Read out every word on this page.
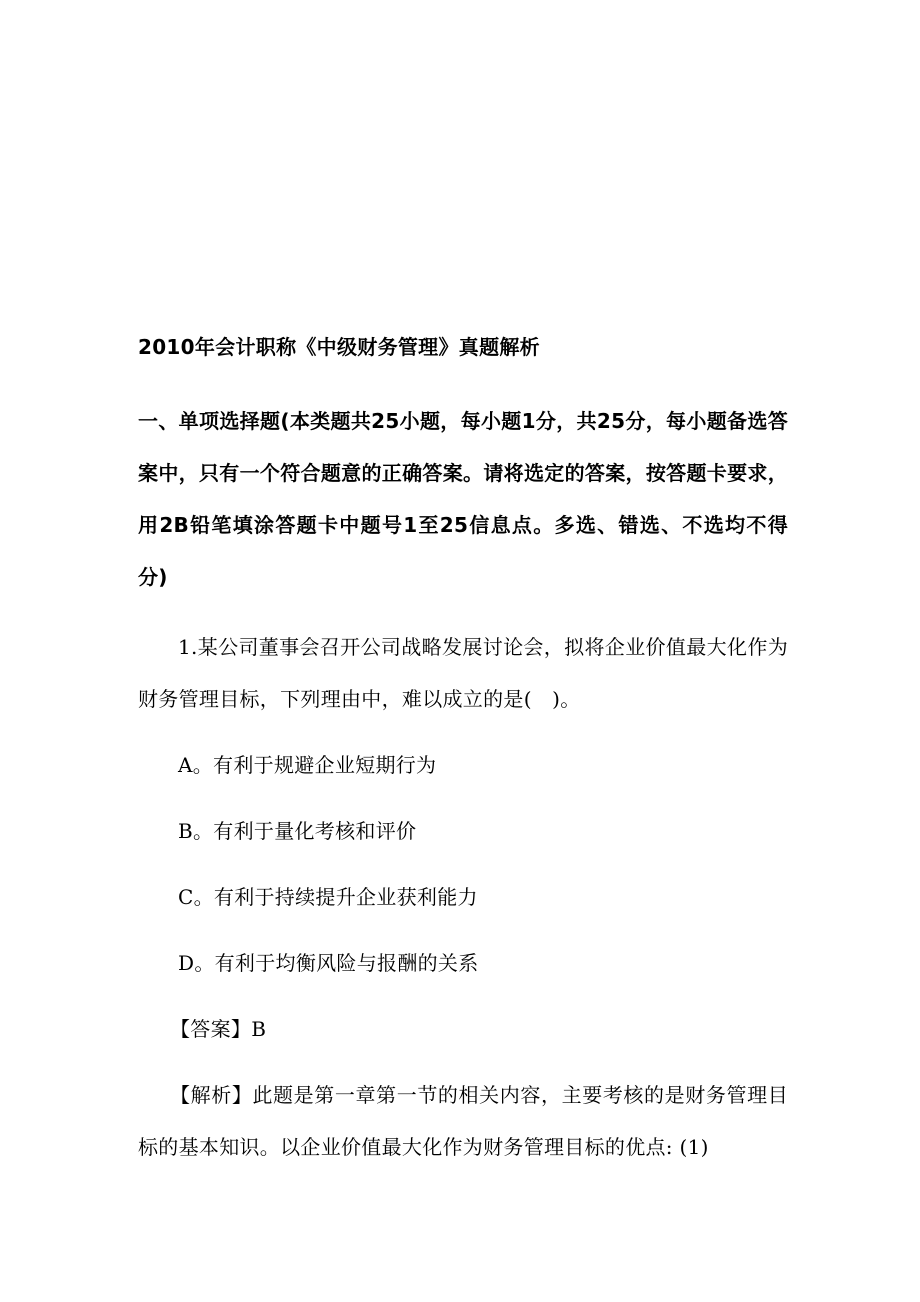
2010年会计职称《中级财务管理》真题解析
一、单项选择题(本类题共25小题，每小题1分，共25分，每小题备选答案中，只有一个符合题意的正确答案。请将选定的答案，按答题卡要求，用2B铅笔填涂答题卡中题号1至25信息点。多选、错选、不选均不得分)
1.某公司董事会召开公司战略发展讨论会，拟将企业价值最大化作为财务管理目标，下列理由中，难以成立的是(　)。
A。有利于规避企业短期行为
B。有利于量化考核和评价
C。有利于持续提升企业获利能力
D。有利于均衡风险与报酬的关系
【答案】B
【解析】此题是第一章第一节的相关内容，主要考核的是财务管理目标的基本知识。以企业价值最大化作为财务管理目标的优点: (1)
